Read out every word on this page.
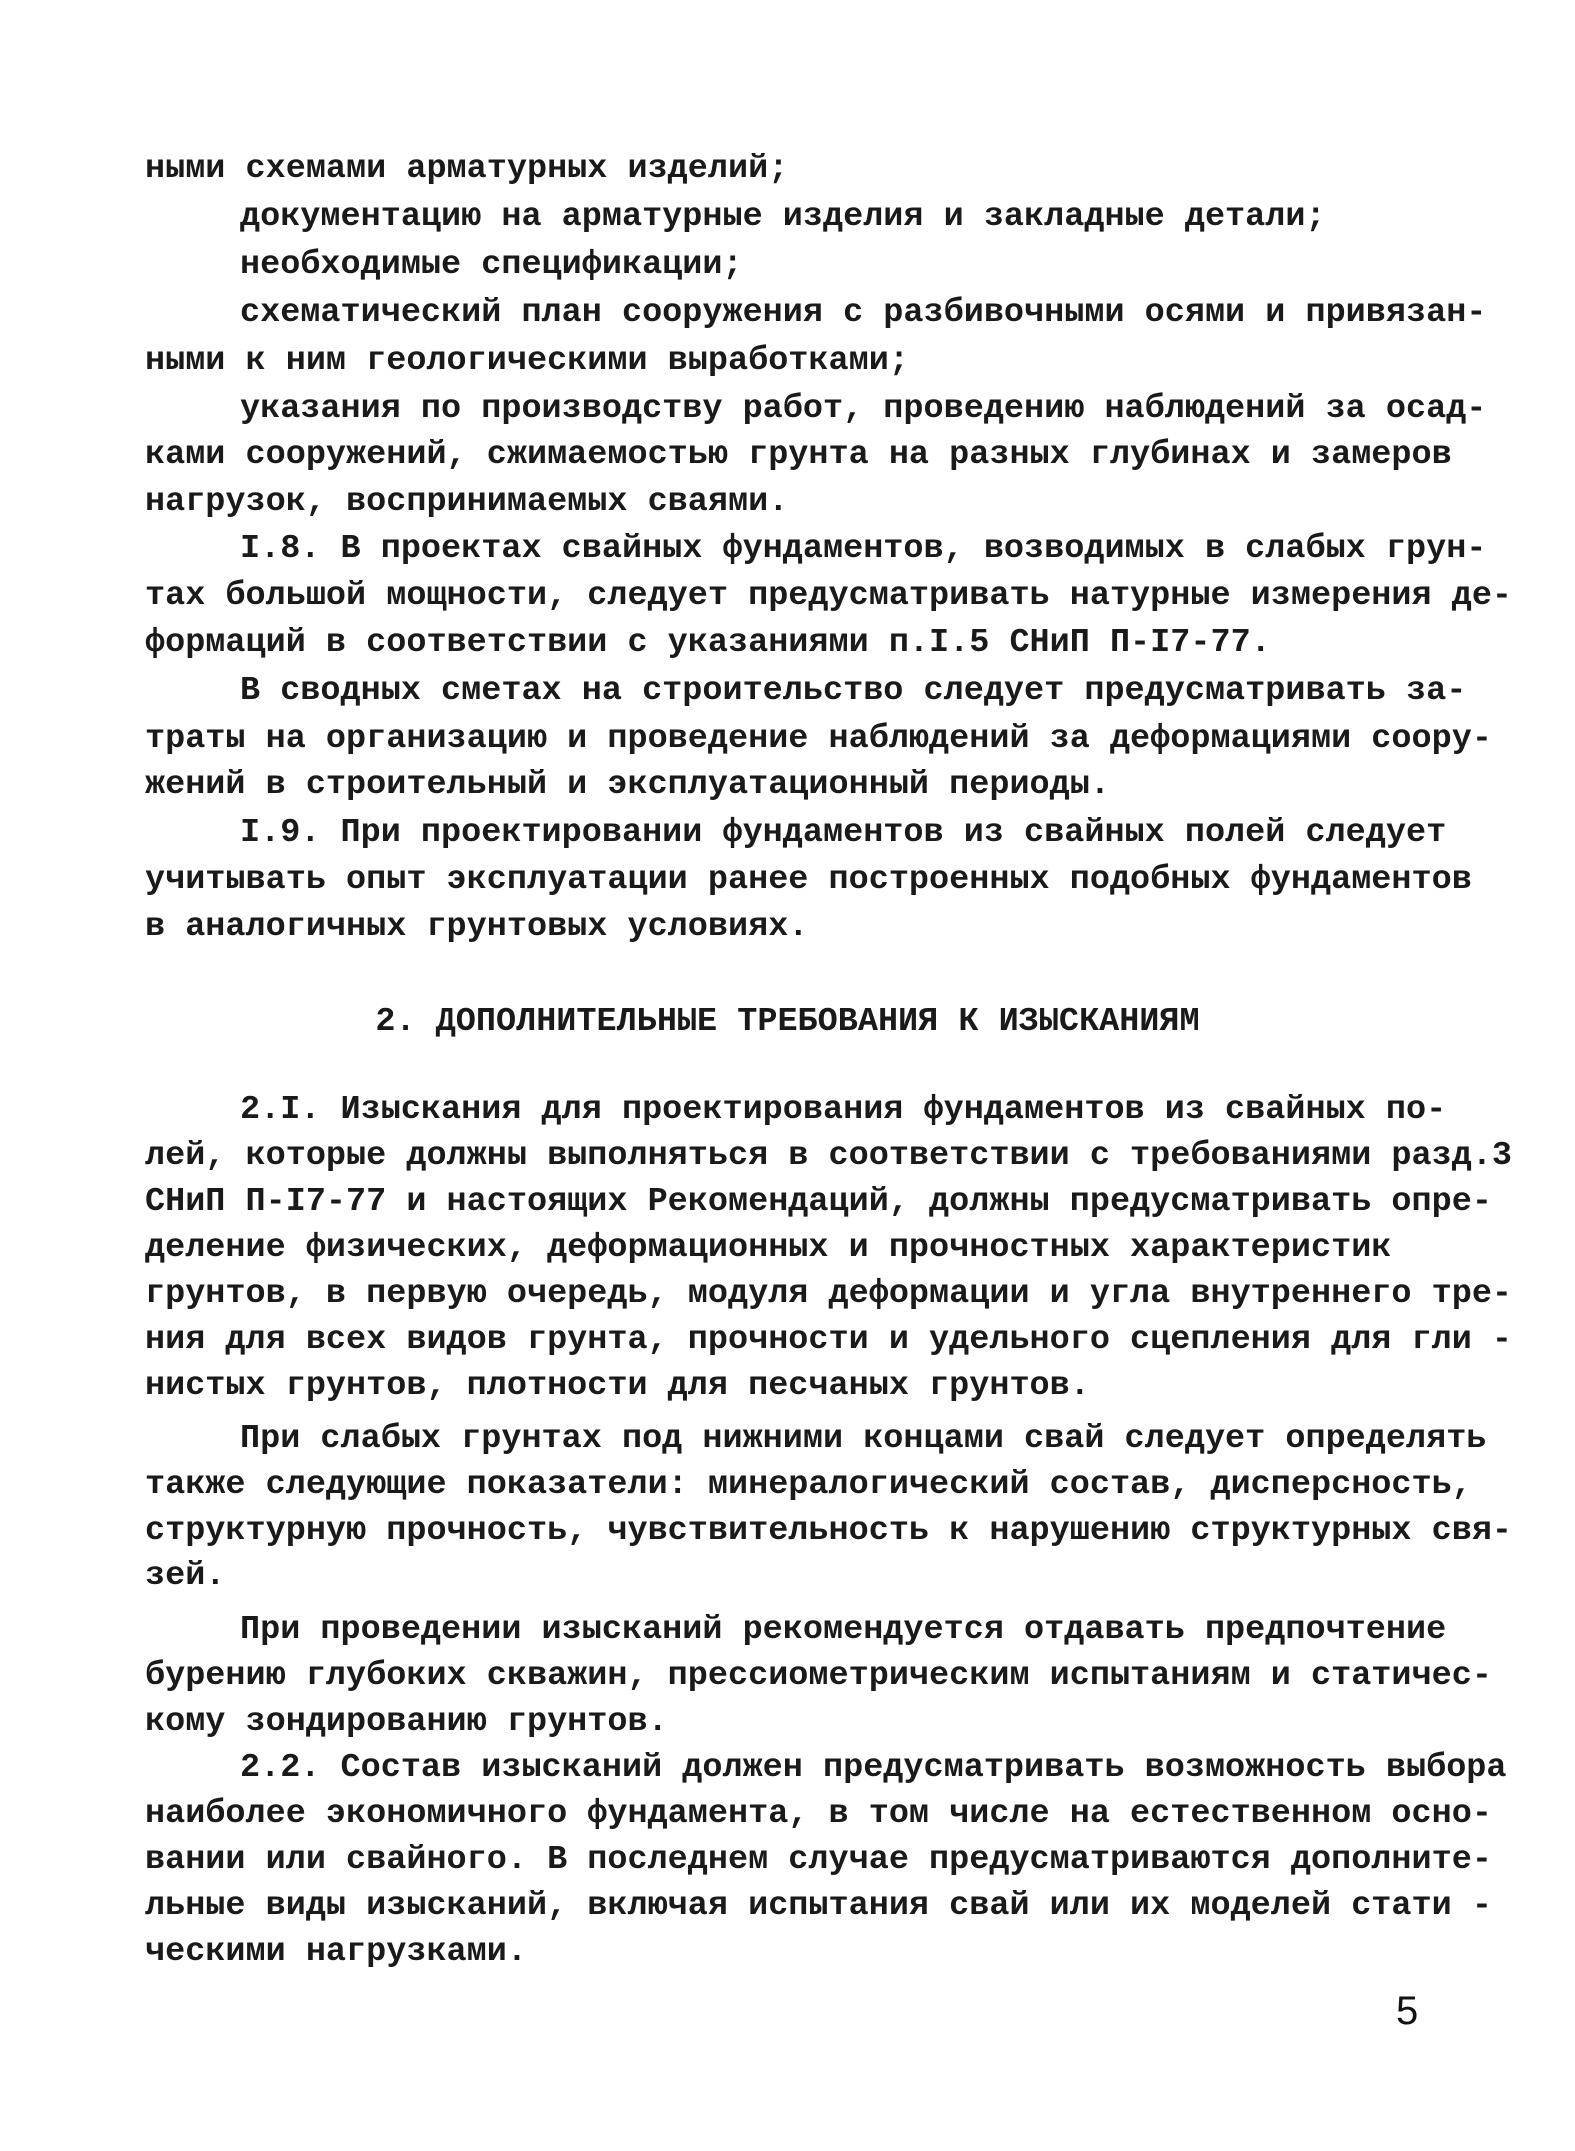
ными схемами арматурных изделий;
документацию на арматурные изделия и закладные детали;
необходимые спецификации;
схематический план сооружения с разбивочными осями и привязан-
ными к ним геологическими выработками;
указания по производству работ, проведению наблюдений за осад-
ками сооружений, сжимаемостью грунта на разных глубинах и замеров
нагрузок, воспринимаемых сваями.
I.8. В проектах свайных фундаментов, возводимых в слабых грун-
тах большой мощности, следует предусматривать натурные измерения де-
формаций в соответствии с указаниями п.I.5 СНиП П-I7-77.
В сводных сметах на строительство следует предусматривать за-
траты на организацию и проведение наблюдений за деформациями соору-
жений в строительный и эксплуатационный периоды.
I.9. При проектировании фундаментов из свайных полей следует
учитывать опыт эксплуатации ранее построенных подобных фундаментов
в аналогичных грунтовых условиях.
2. ДОПОЛНИТЕЛЬНЫЕ ТРЕБОВАНИЯ К ИЗЫСКАНИЯМ
2.I. Изыскания для проектирования фундаментов из свайных по-
лей, которые должны выполняться в соответствии с требованиями разд.3
СНиП П-I7-77 и настоящих Рекомендаций, должны предусматривать опре-
деление физических, деформационных и прочностных характеристик
грунтов, в первую очередь, модуля деформации и угла внутреннего тре-
ния для всех видов грунта, прочности и удельного сцепления для гли -
нистых грунтов, плотности для песчаных грунтов.
При слабых грунтах под нижними концами свай следует определять
также следующие показатели: минералогический состав, дисперсность,
структурную прочность, чувствительность к нарушению структурных свя-
зей.
При проведении изысканий рекомендуется отдавать предпочтение
бурению глубоких скважин, прессиометрическим испытаниям и статичес-
кому зондированию грунтов.
2.2. Состав изысканий должен предусматривать возможность выбора
наиболее экономичного фундамента, в том числе на естественном осно-
вании или свайного. В последнем случае предусматриваются дополните-
льные виды изысканий, включая испытания свай или их моделей стати -
ческими нагрузками.
5
